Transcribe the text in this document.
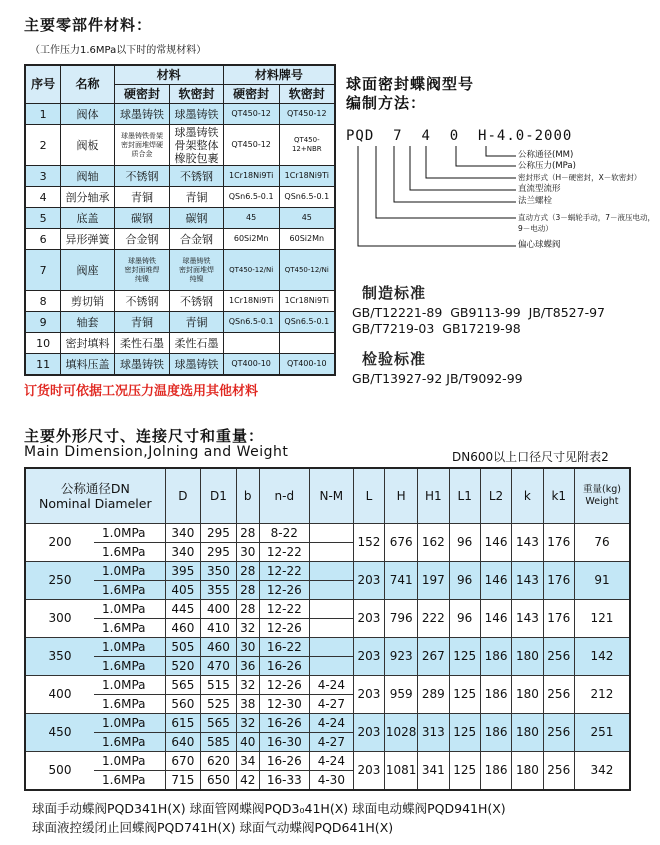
主要零部件材料：
（工作压力1.6MPa以下时的常规材料）
序号	名称	材料		材料牌号	
		硬密封	软密封	硬密封	软密封
1	阀体	球墨铸铁	球墨铸铁	QT450-12	QT450-12
2	阀板	球墨铸铁骨架
密封面堆焊硬
质合金	球墨铸铁
骨架整体
橡胶包裹	QT450-12	QT450-12+NBR
3	阀轴	不锈钢	不锈钢	1Cr18Ni9Ti	1Cr18Ni9Ti
4	剖分轴承	青铜	青铜	QSn6.5-0.1	QSn6.5-0.1
5	底盖	碳钢	碳钢	45	45
6	异形弹簧	合金钢	合金钢	60Si2Mn	60Si2Mn
7	阀座	球墨铸铁
密封面堆焊
纯镍	球墨铸铁
密封面堆焊
纯镍	QT450-12/Ni	QT450-12/Ni
8	剪切销	不锈钢	不锈钢	1Cr18Ni9Ti	1Cr18Ni9Ti
9	轴套	青铜	青铜	QSn6.5-0.1	QSn6.5-0.1
10	密封填料	柔性石墨	柔性石墨		
11	填料压盖	球墨铸铁	球墨铸铁	QT400-10	QT400-10
订货时可依据工况压力温度选用其他材料
球面密封蝶阀型号
编制方法：
PQD 7 4 0 H-4.0-2000
公称通径(MM)
公称压力(MPa)
密封形式（H－硬密封，X－软密封）
直流型流形
法兰螺栓
直动方式（3－蜗轮手动，7－液压电动，
9－电动）
偏心球蝶阀
制造标准
GB/T12221-89  GB9113-99  JB/T8527-97
GB/T7219-03  GB17219-98
检验标准
GB/T13927-92 JB/T9092-99
主要外形尺寸、连接尺寸和重量：
Main Dimension,Jolning and Weight	DN600以上口径尺寸见附表2
公称通径DN
Nominal Diameler		D	D1	b	n-d	N-M	L	H	H1	L1	L2	k	k1	重量(kg)
Weight
200	1.0MPa	340	295	28	8-22		152	676	162	96	146	143	176	76
	1.6MPa	340	295	30	12-22									
250	1.0MPa	395	350	28	12-22		203	741	197	96	146	143	176	91
	1.6MPa	405	355	28	12-26									
300	1.0MPa	445	400	28	12-22		203	796	222	96	146	143	176	121
	1.6MPa	460	410	32	12-26									
350	1.0MPa	505	460	30	16-22		203	923	267	125	186	180	256	142
	1.6MPa	520	470	36	16-26									
400	1.0MPa	565	515	32	12-26	4-24	203	959	289	125	186	180	256	212
	1.6MPa	560	525	38	12-30	4-27								
450	1.0MPa	615	565	32	16-26	4-24	203	1028	313	125	186	180	256	251
	1.6MPa	640	585	40	16-30	4-27								
500	1.0MPa	670	620	34	16-26	4-24	203	1081	341	125	186	180	256	342
	1.6MPa	715	650	42	16-33	4-30								
球面手动蝶阀PQD341H(X) 球面管网蝶阀PQD3₀41H(X) 球面电动蝶阀PQD941H(X)
球面液控缓闭止回蝶阀PQD741H(X) 球面气动蝶阀PQD641H(X)
